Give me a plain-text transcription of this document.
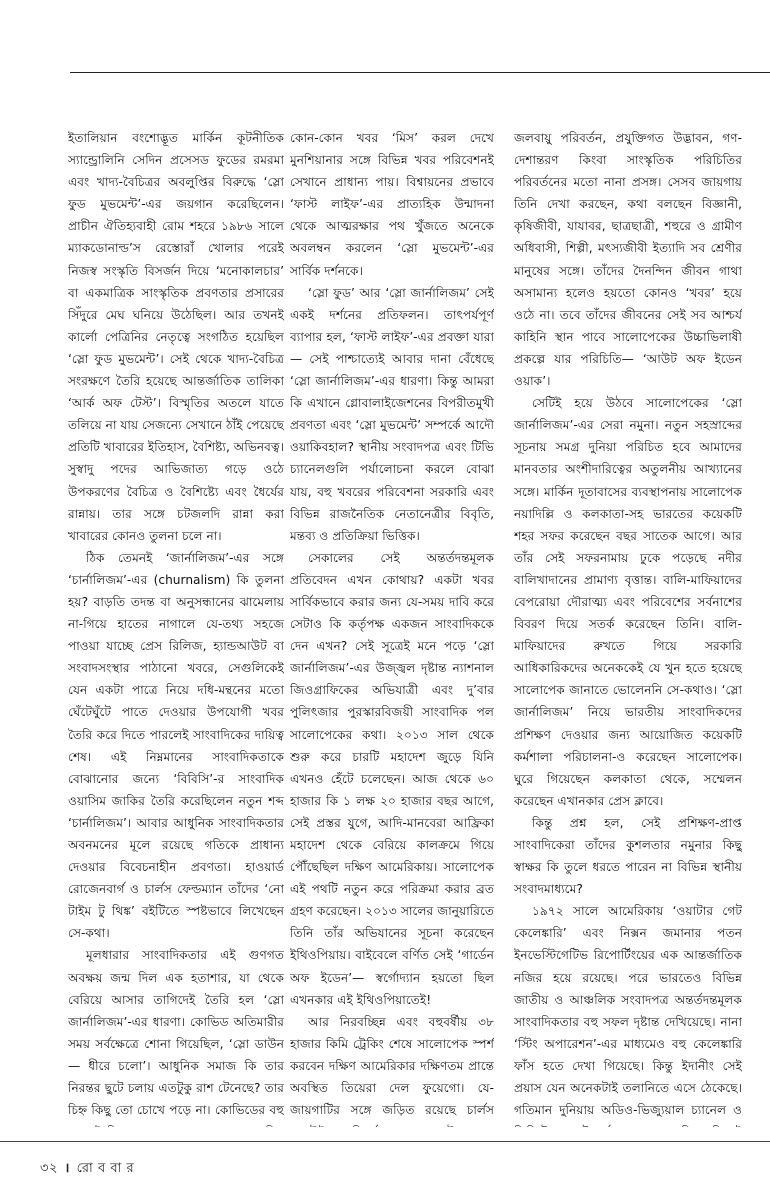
ইতালিয়ান বংশোদ্ভূত মার্কিন কূটনীতিক স্যান্ড্রোলিনি সেদিন প্রসেসড ফুডের রমরমা এবং খাদ্য-বৈচিত্রর অবলুপ্তির বিরুদ্ধে ‘স্লো ফুড মুভমেন্ট’-এর জয়গান করেছিলেন। প্রাচীন ঐতিহ্যবাহী রোম শহরে ১৯৮৬ সালে ম্যাকডোনাল্ড’স রেস্তোরাঁ খোলার পরেই নিজস্ব সংস্কৃতি বিসর্জন দিয়ে ‘মনোকালচার’ বা একমাত্রিক সাংস্কৃতিক প্রবণতার প্রসারের সিঁদুরে মেঘ ঘনিয়ে উঠেছিল। আর তখনই কার্লো পেত্রিনির নেতৃত্বে সংগঠিত হয়েছিল ‘স্লো ফুড মুভমেন্ট’। সেই থেকে খাদ্য-বৈচিত্র সংরক্ষণে তৈরি হয়েছে আন্তর্জাতিক তালিকা ‘আর্ক অফ টেস্ট’। বিস্মৃতির অতলে যাতে তলিয়ে না যায় সেজন্যে সেখানে ঠাঁই পেয়েছে প্রতিটি খাবারের ইতিহাস, বৈশিষ্ট্য, অভিনবত্ব। সুস্বাদু পদের আভিজাত্য গড়ে ওঠে উপকরণের বৈচিত্র ও বৈশিষ্ট্যে এবং ধৈর্যের রান্নায়। তার সঙ্গে চটজলদি রান্না করা খাবারের কোনও তুলনা চলে না।

ঠিক তেমনই ‘জার্নালিজম’-এর সঙ্গে ‘চার্নালিজম’-এর (churnalism) কি তুলনা হয়? বাড়তি তদন্ত বা অনুসন্ধানের ঝামেলায় না-গিয়ে হাতের নাগালে যে-তথ্য সহজে পাওয়া যাচ্ছে প্রেস রিলিজ, হ্যান্ডআউট বা সংবাদসংস্থার পাঠানো খবরে, সেগুলিকেই যেন একটা পাত্রে নিয়ে দধি-মন্থনের মতো ঘেঁটেঘুঁটে পাতে দেওয়ার উপযোগী খবর তৈরি করে দিতে পারলেই সাংবাদিকের দায়িত্ব শেষ। এই নিম্নমানের সাংবাদিকতাকে বোঝানোর জন্যে ‘বিবিসি’-র সাংবাদিক ওয়াসিম জাকির তৈরি করেছিলেন নতুন শব্দ ‘চার্নালিজম’। আবার আধুনিক সাংবাদিকতার অবনমনের মূলে রয়েছে গতিকে প্রাধান্য দেওয়ার বিবেচনাহীন প্রবণতা। হাওয়ার্ড রোজেনবার্গ ও চার্লস ফেল্ডম্যান তাঁদের ‘নো টাইম টু থিঙ্ক’ বইটিতে স্পষ্টভাবে লিখেছেন সে-কথা।

মূলধারার সাংবাদিকতার এই গুণগত অবক্ষয় জন্ম দিল এক হতাশার, যা থেকে বেরিয়ে আসার তাগিদেই তৈরি হল ‘স্লো জার্নালিজম’-এর ধারণা। কোভিড অতিমারীর সময় সর্বক্ষেত্রে শোনা গিয়েছিল, ‘স্লো ডাউন— ধীরে চলো’। আধুনিক সমাজ কি তার নিরন্তর ছুটে চলায় এতটুকু রাশ টেনেছে? তার চিহ্ন কিছু তো চোখে পড়ে না। কোভিডের বহু

কোন-কোন খবর ‘মিস’ করল দেখে মুনশিয়ানার সঙ্গে বিভিন্ন খবর পরিবেশনই সেখানে প্রাধান্য পায়। বিশ্বায়নের প্রভাবে ‘ফাস্ট লাইফ’-এর প্রাত্যহিক উন্মাদনা থেকে আত্মরক্ষার পথ খুঁজতে অনেকে অবলম্বন করলেন ‘স্লো মুভমেন্ট’-এর সার্বিক দর্শনকে।

‘স্লো ফুড’ আর ‘স্লো জার্নালিজম’ সেই একই দর্শনের প্রতিফলন। তাৎপর্যপূর্ণ ব্যাপার হল, ‘ফাস্ট লাইফ’-এর প্রবক্তা যারা— সেই পাশ্চাত্যেই আবার দানা বেঁধেছে ‘স্লো জার্নালিজম’-এর ধারণা। কিন্তু আমরা কি এখানে গ্লোবালাইজেশনের বিপরীতমুখী প্রবণতা এবং ‘স্লো মুভমেন্ট’ সম্পর্কে আদৌ ওয়াকিবহাল? স্থানীয় সংবাদপত্র এবং টিভি চ্যানেলগুলি পর্যালোচনা করলে বোঝা যায়, বহু খবরের পরিবেশনা সরকারি এবং বিভিন্ন রাজনৈতিক নেতানেত্রীর বিবৃতি, মন্তব্য ও প্রতিক্রিয়া ভিত্তিক।

সেকালের সেই অন্তর্তদন্তমূলক প্রতিবেদন এখন কোথায়? একটা খবর সার্বিকভাবে করার জন্য যে-সময় দাবি করে সেটাও কি কর্তৃপক্ষ একজন সাংবাদিককে দেন এখন? সেই সূত্রেই মনে পড়ে ‘স্লো জার্নালিজম’-এর উজ্জ্বল দৃষ্টান্ত ন্যাশনাল জিওগ্রাফিকের অভিযাত্রী এবং দু’বার পুলিৎজার পুরস্কারবিজয়ী সাংবাদিক পল সালোপেকের কথা। ২০১৩ সাল থেকে শুরু করে চারটি মহাদেশ জুড়ে যিনি এখনও হেঁটে চলেছেন। আজ থেকে ৬০ হাজার কি ১ লক্ষ ২০ হাজার বছর আগে, সেই প্রস্তর যুগে, আদি-মানবেরা আফ্রিকা মহাদেশ থেকে বেরিয়ে কালক্রমে গিয়ে পৌঁছেছিল দক্ষিণ আমেরিকায়। সালোপেক এই পথটি নতুন করে পরিক্রমা করার ব্রত গ্রহণ করেছেন। ২০১৩ সালের জানুয়ারিতে তিনি তাঁর অভিযানের সূচনা করেছেন ইথিওপিয়ায়। বাইবেলে বর্ণিত সেই ‘গার্ডেন অফ ইডেন’— স্বর্গোদ্যান হয়তো ছিল এখনকার এই ইথিওপিয়াতেই!

আর নিরবচ্ছিন্ন এবং বহুবর্ষীয় ৩৮ হাজার কিমি ট্রেকিং শেষে সালোপেক স্পর্শ করবেন দক্ষিণ আমেরিকার দক্ষিণতম প্রান্তে অবস্থিত তিয়েরা দেল ফুয়েগো। যে-জায়গাটির সঙ্গে জড়িত রয়েছে চার্লস

জলবায়ু পরিবর্তন, প্রযুক্তিগত উদ্ভাবন, গণ-দেশান্তরণ কিংবা সাংস্কৃতিক পরিচিতির পরিবর্তনের মতো নানা প্রসঙ্গ। সেসব জায়গায় তিনি দেখা করছেন, কথা বলছেন বিজ্ঞানী, কৃষিজীবী, যাযাবর, ছাত্রছাত্রী, শহুরে ও গ্রামীণ অধিবাসী, শিল্পী, মৎস্যজীবী ইত্যাদি সব শ্রেণীর মানুষের সঙ্গে। তাঁদের দৈনন্দিন জীবন গাথা অসামান্য হলেও হয়তো কোনও ‘খবর’ হয়ে ওঠে না। তবে তাঁদের জীবনের সেই সব আশ্চর্য কাহিনি স্থান পাবে সালোপেকের উচ্চাভিলাষী প্রকল্পে যার পরিচিতি— ‘আউট অফ ইডেন ওয়াক’।

সেটিই হয়ে উঠবে সালোপেকের ‘স্লো জার্নালিজম’-এর সেরা নমুনা। নতুন সহস্রাব্দের সূচনায় সমগ্র দুনিয়া পরিচিত হবে আমাদের মানবতার অংশীদারিত্বের অতুলনীয় আখ্যানের সঙ্গে। মার্কিন দূতাবাসের ব্যবস্থাপনায় সালোপেক নয়াদিল্লি ও কলকাতা-সহ ভারতের কয়েকটি শহর সফর করেছেন বছর সাতেক আগে। আর তাঁর সেই সফরনামায় ঢুকে পড়েছে নদীর বালিখাদানের প্রামাণ্য বৃত্তান্ত। বালি-মাফিয়াদের বেপরোয়া দৌরাত্ম্য এবং পরিবেশের সর্বনাশের বিবরণ দিয়ে সতর্ক করেছেন তিনি। বালি-মাফিয়াদের রুখতে গিয়ে সরকারি আধিকারিকদের অনেককেই যে খুন হতে হয়েছে সালোপেক জানাতে ভোলেননি সে-কথাও। ‘স্লো জার্নালিজম’ নিয়ে ভারতীয় সাংবাদিকদের প্রশিক্ষণ দেওয়ার জন্য আয়োজিত কয়েকটি কর্মশালা পরিচালনা-ও করেছেন সালোপেক। ঘুরে গিয়েছেন কলকাতা থেকে, সম্মেলন করেছেন এখানকার প্রেস ক্লাবে।

কিন্তু প্রশ্ন হল, সেই প্রশিক্ষণ-প্রাপ্ত সাংবাদিকেরা তাঁদের কুশলতার নমুনার কিছু স্বাক্ষর কি তুলে ধরতে পারেন না বিভিন্ন স্থানীয় সংবাদমাধ্যমে?

১৯৭২ সালে আমেরিকায় ‘ওয়াটার গেট কেলেঙ্কারি’ এবং নিক্সন জমানার পতন ইনভেস্টিগেটিভ রিপোর্টিংয়ের এক আন্তর্জাতিক নজির হয়ে রয়েছে। পরে ভারতেও বিভিন্ন জাতীয় ও আঞ্চলিক সংবাদপত্র অন্তর্তদন্তমূলক সাংবাদিকতার বহু সফল দৃষ্টান্ত দেখিয়েছে। নানা ‘স্টিং অপারেশন’-এর মাধ্যমেও বহু কেলেঙ্কারি ফাঁস হতে দেখা গিয়েছে। কিন্তু ইদানীং সেই প্রয়াস যেন অনেকটাই তলানিতে এসে ঠেকেছে। গতিমান দুনিয়ায় অডিও-ভিজ্যুয়াল চ্যানেল ও

৩২ । রো ব বা র
